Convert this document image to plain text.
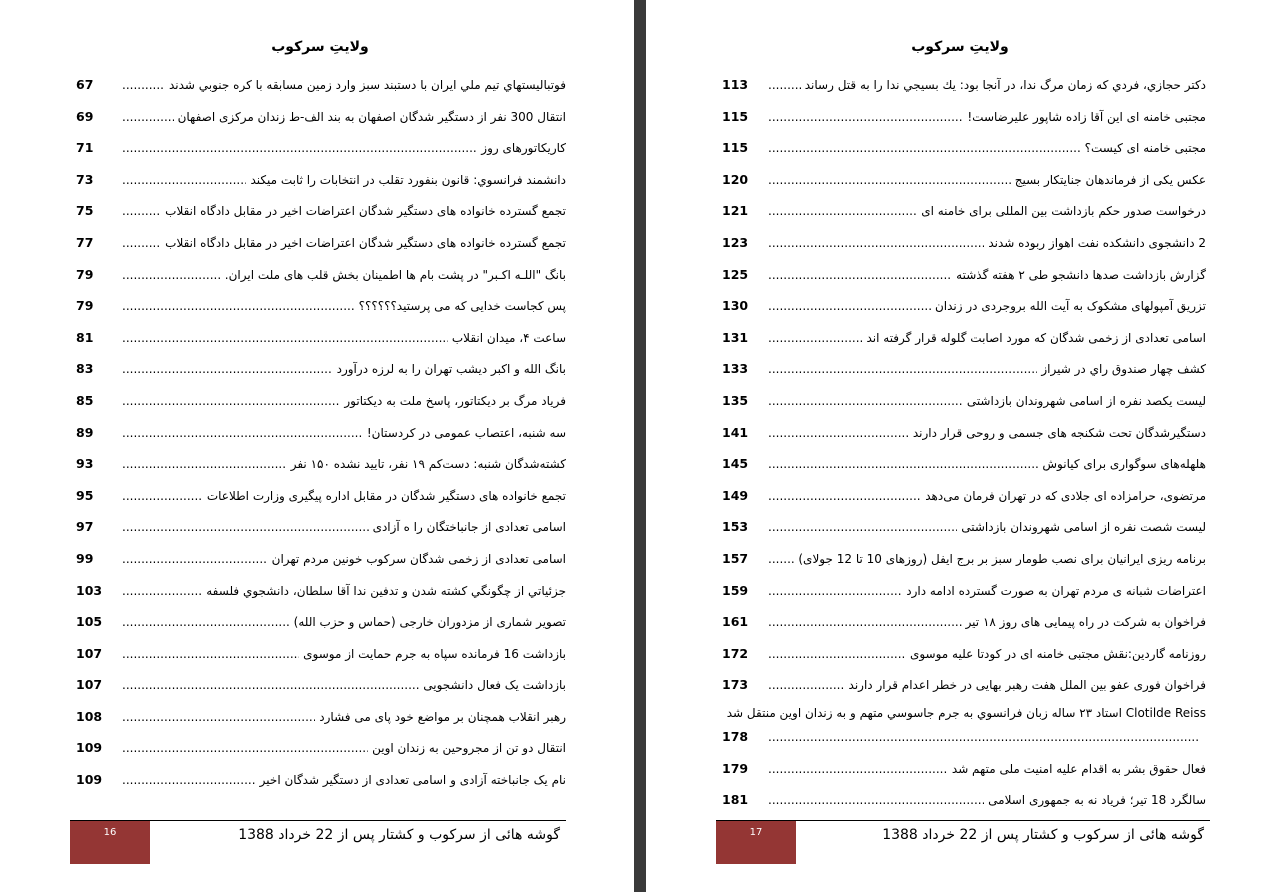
ولایتِ سرکوب
.....
فوتبالیستهاي تیم ملي ایران با دستبند سبز وارد زمین مسابقه با کره جنوبي شدند
67
.....
انتقال 300 نفر از دستگیر شدگان اصفهان به بند الف-ط زندان مرکزی اصفهان
69
.....
کاریکاتورهای روز
71
.....
دانشمند فرانسوي: قانون بنفورد تقلب در انتخابات را ثابت میکند
73
.....
تجمع گسترده خانواده های دستگیر شدگان اعتراضات اخیر در مقابل دادگاه انقلاب
75
.....
تجمع گسترده خانواده های دستگیر شدگان اعتراضات اخیر در مقابل دادگاه انقلاب
77
.....
بانگ "اللـه اکـبر" در پشت بام ها اطمینان بخش قلب های ملت ایران.
79
.....
پس کجاست خدایی که می پرستید؟؟؟؟؟؟
79
.....
ساعت ۴، میدان انقلاب
81
.....
بانگ الله و اکبر دیشب تهران را به لرزه درآورد
83
.....
فریاد مرگ بر دیکتاتور، پاسخ ملت به دیکتاتور
85
.....
سه شنبه، اعتصاب عمومی در کردستان!
89
.....
کشته‌شدگان شنبه: دست‌کم ۱۹ نفر، تایید نشده ۱۵۰ نفر
93
.....
تجمع خانواده های دستگیر شدگان در مقابل اداره پیگیری وزارت اطلاعات
95
.....
اسامی تعدادی از جانباختگان را ه آزادی
97
.....
اسامی تعدادی از زخمی شدگان سرکوب خونین مردم تهران
99
.....
جزئیاتي از چگونگي کشته شدن و تدفین ندا آقا سلطان، دانشجوي فلسفه
103
.....
تصویر شماری از مزدوران خارجی (حماس و حزب الله)
105
.....
بازداشت 16 فرمانده سپاه به جرم حمایت از موسوی
107
.....
بازداشت یک فعال دانشجویی
107
.....
رهبر انقلاب همچنان بر مواضع خود پای می فشارد
108
.....
انتقال دو تن از مجروحین به زندان اوین
109
.....
نام یک جانباخته آزادی و اسامی تعدادی از دستگیر شدگان اخیر
109
16	گوشه هائی از سرکوب و کشتار پس از 22 خرداد 1388
ولایتِ سرکوب
.....
دکتر حجازي، فردي که زمان مرگ ندا، در آنجا بود: یك بسیجي ندا را به قتل رساند
113
.....
مجتبی خامنه ای این آقا زاده شاپور علیرضاست!
115
.....
مجتبی خامنه ای کیست؟
115
.....
عکس یکی از فرماندهان جنایتکار بسیج
120
.....
درخواست صدور حکم بازداشت بین المللی برای خامنه ای
121
.....
2 دانشجوی دانشکده نفت اهواز ربوده شدند
123
.....
گزارش بازداشت صدها دانشجو طی ۲ هفته گذشته
125
.....
تزریق آمپولهای مشکوک به آیت الله بروجردی در زندان
130
.....
اسامی تعدادی از زخمی شدگان که مورد اصابت گلوله قرار گرفته اند
131
.....
کشف چهار صندوق راي در شیراز
133
.....
لیست یکصد نفره از اسامی شهروندان بازداشتی
135
.....
دستگیرشدگان تحت شکنجه های جسمی و روحی قرار دارند
141
.....
هلهله‌های سوگواری برای کیانوش
145
.....
مرتضوی، حرامزاده ای جلادی که در تهران فرمان می‌دهد
149
.....
لیست شصت نفره از اسامی شهروندان بازداشتی
153
.....
برنامه ریزی ایرانیان برای نصب طومار سبز بر برج ایفل (روزهای 10 تا 12 جولای)
157
.....
اعتراضات شبانه ی مردم تهران به صورت گسترده ادامه دارد
159
.....
فراخوان به شرکت در راه پیمایی های روز ۱۸ تیر
161
.....
روزنامه گاردین:نقش مجتبی خامنه ای در کودتا علیه موسوی
172
.....
فراخوان فوری عفو بین الملل هفت رهبر بهایی در خطر اعدام قرار دارند
173
.....
Clotilde Reiss استاد ۲۳ ساله زبان فرانسوي به جرم جاسوسي متهم و به زندان اوين منتقل شد
178
.....
فعال حقوق بشر به اقدام علیه امنیت ملی متهم شد
179
.....
سالگرد 18 تیر؛ فریاد نه به جمهوری اسلامی
181
17	گوشه هائی از سرکوب و کشتار پس از 22 خرداد 1388
